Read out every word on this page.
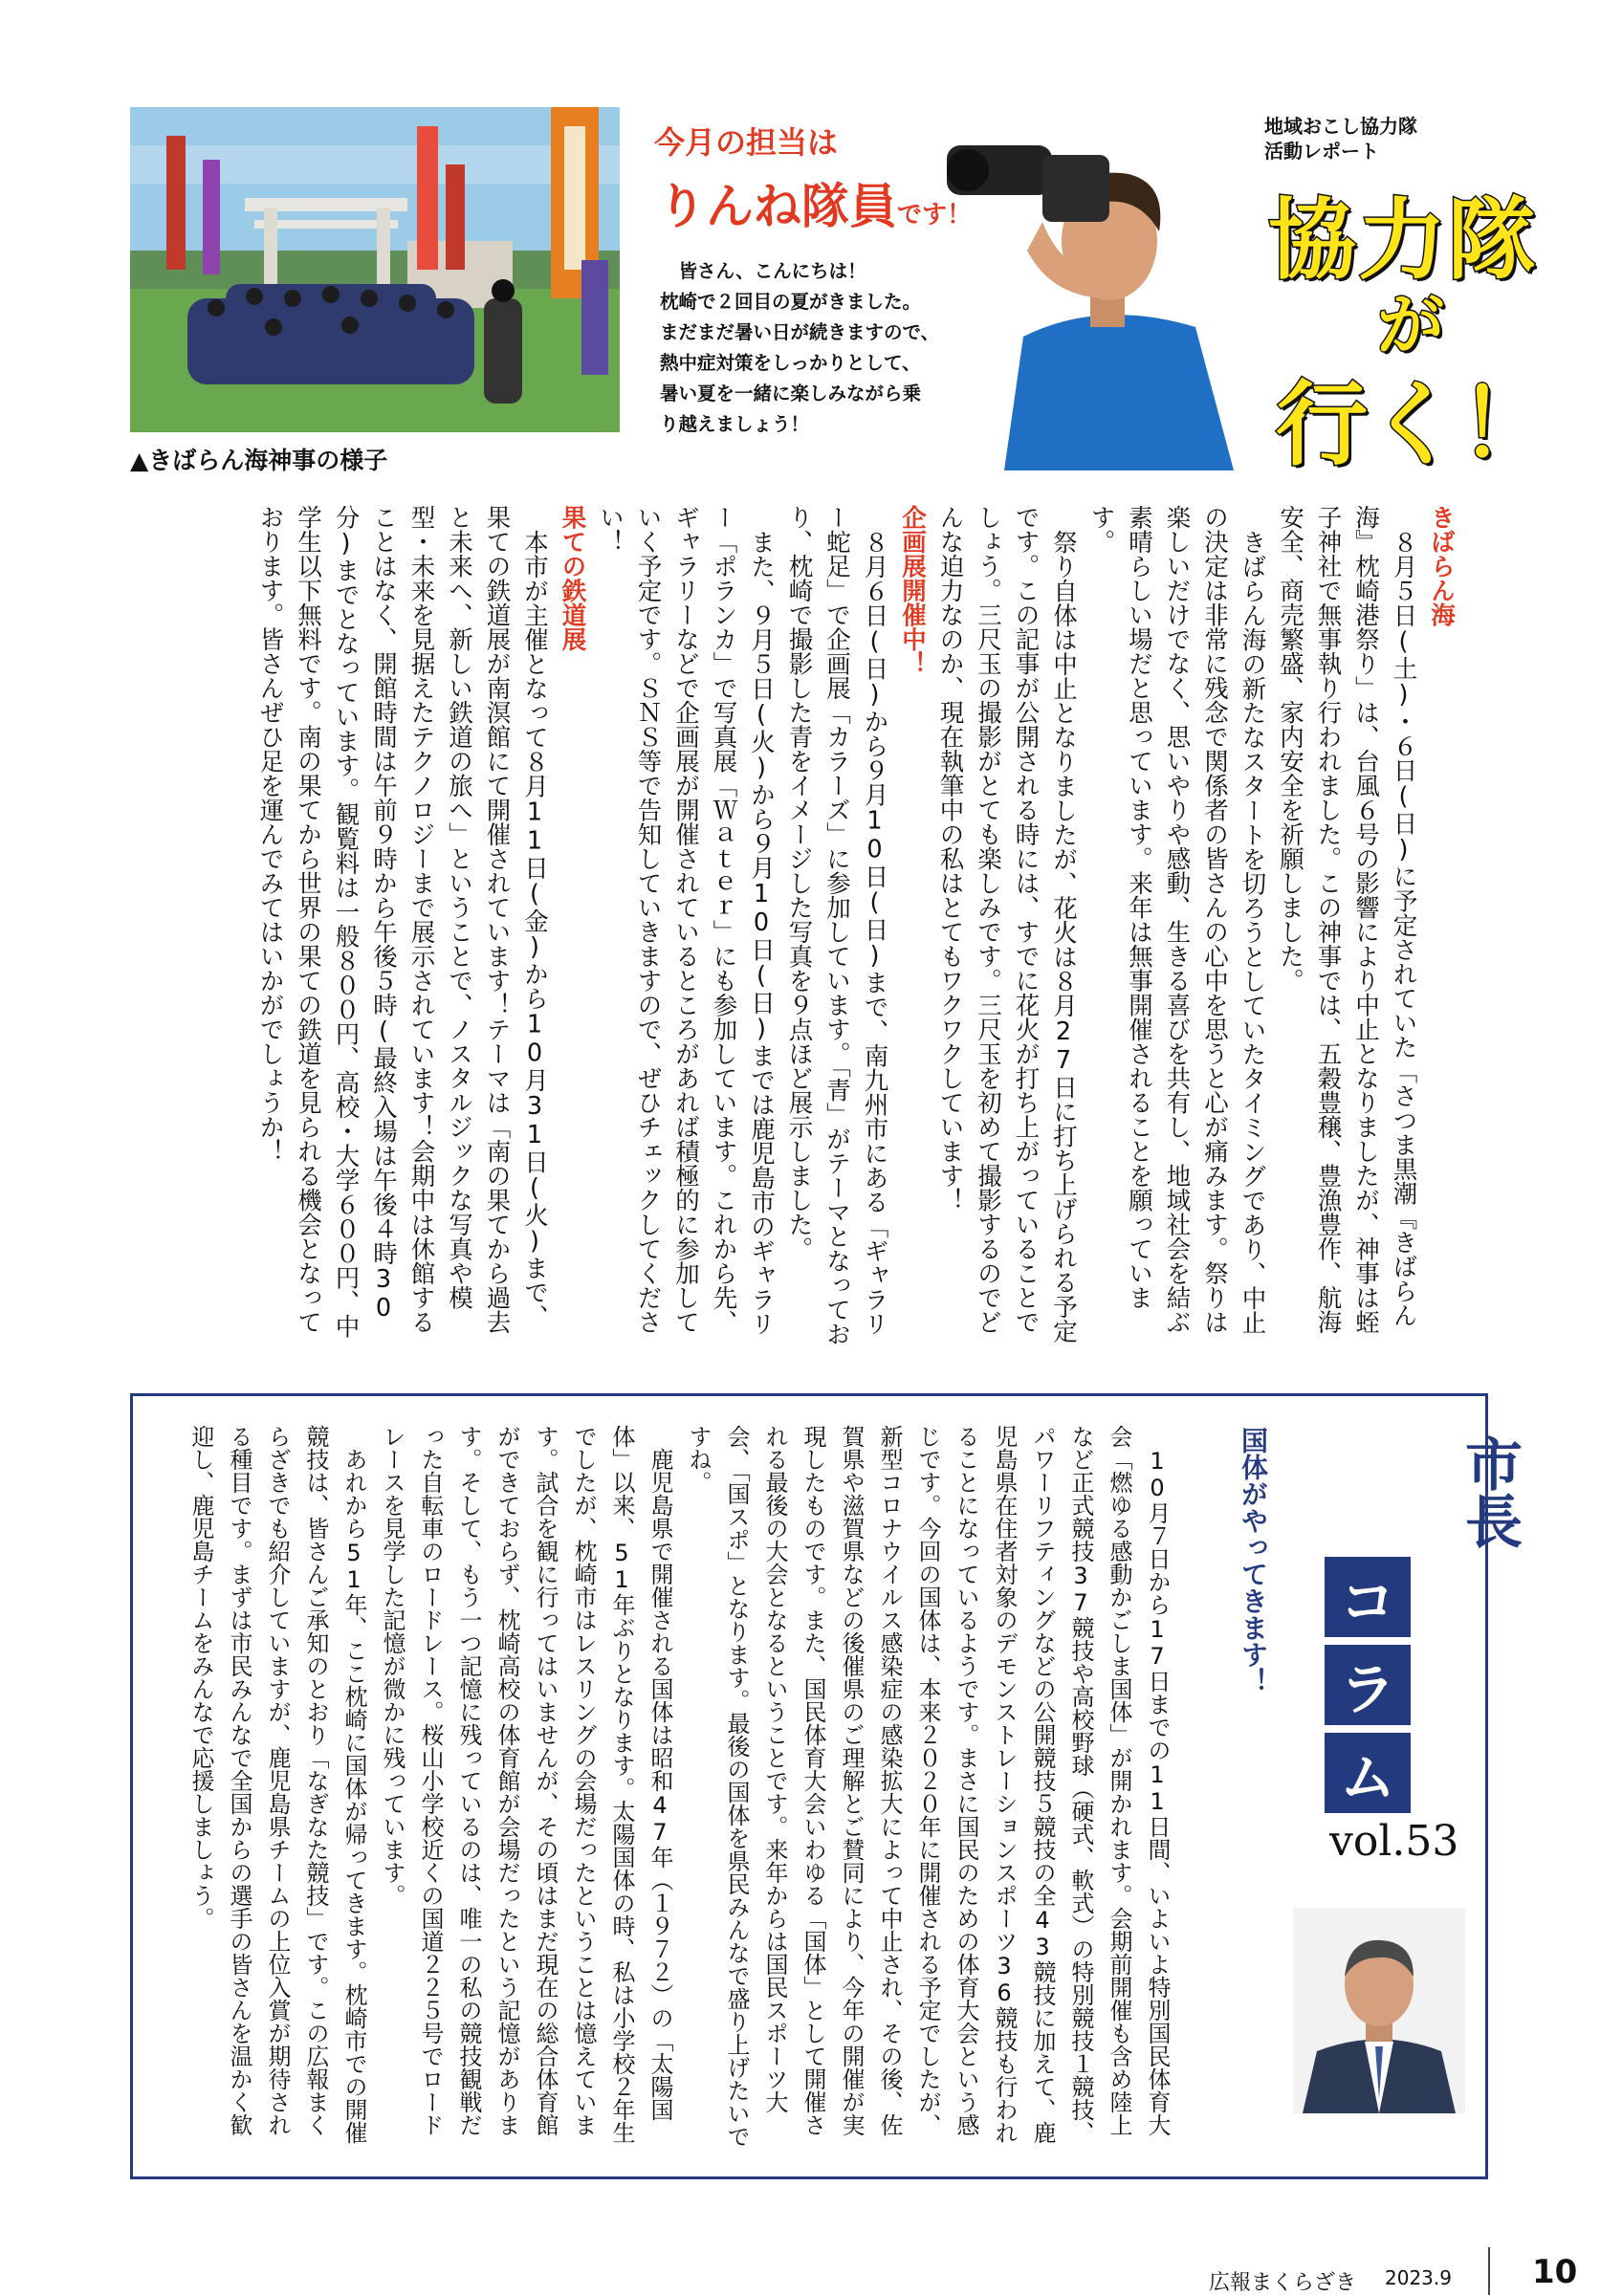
▲きばらん海神事の様子
今月の担当は
りんね隊員です！
皆さん、こんにちは！
枕崎で２回目の夏がきました。
まだまだ暑い日が続きますので、
熱中症対策をしっかりとして、
暑い夏を一緒に楽しみながら乗
り越えましょう！
地域おこし協力隊
活動レポート
協力隊
が
行く！

きばらん海

８月５日(土)・６日(日)に予定されていた「さつま黒潮『きばらん海』枕崎港祭り」は、台風６号の影響により中止となりましたが、神事は蛭子神社で無事執り行われました。この神事では、五穀豊穣、豊漁豊作、航海安全、商売繁盛、家内安全を祈願しました。

きばらん海の新たなスタートを切ろうとしていたタイミングであり、中止の決定は非常に残念で関係者の皆さんの心中を思うと心が痛みます。祭りは楽しいだけでなく、思いやりや感動、生きる喜びを共有し、地域社会を結ぶ素晴らしい場だと思っています。来年は無事開催されることを願っています。

祭り自体は中止となりましたが、花火は８月27日に打ち上げられる予定です。この記事が公開される時には、すでに花火が打ち上がっていることでしょう。三尺玉の撮影がとても楽しみです。三尺玉を初めて撮影するのでどんな迫力なのか、現在執筆中の私はとてもワクワクしています！

企画展開催中！

８月６日(日)から９月10日(日)まで、南九州市にある「ギャラリー蛇足」で企画展「カラーズ」に参加しています。「青」がテーマとなっており、枕崎で撮影した青をイメージした写真を９点ほど展示しました。

また、９月５日(火)から９月10日(日)までは鹿児島市のギャラリー「ポランカ」で写真展「Ｗａｔｅｒ」にも参加しています。これから先、ギャラリーなどで企画展が開催されているところがあれば積極的に参加していく予定です。ＳＮＳ等で告知していきますので、ぜひチェックしてください！

果ての鉄道展

本市が主催となって８月11日(金)から10月31日(火)まで、果ての鉄道展が南溟館にて開催されています！テーマは「南の果てから過去と未来へ、新しい鉄道の旅へ」ということで、ノスタルジックな写真や模型・未来を見据えたテクノロジーまで展示されています！会期中は休館することはなく、開館時間は午前９時から午後５時(最終入場は午後４時30分)までとなっています。観覧料は一般８００円、高校・大学６００円、中学生以下無料です。南の果てから世界の果ての鉄道を見られる機会となっております。皆さんぜひ足を運んでみてはいかがでしょうか！

市長
コ
ラ
ム
vol.53
国体がやってきます！

10月７日から17日までの11日間、いよいよ特別国民体育大会「燃ゆる感動かごしま国体」が開かれます。会期前開催も含め陸上など正式競技37競技や高校野球（硬式、軟式）の特別競技１競技、パワーリフティングなどの公開競技５競技の全43競技に加えて、鹿児島県在住者対象のデモンストレーションスポーツ36競技も行われることになっているようです。まさに国民のための体育大会という感じです。今回の国体は、本来２０２０年に開催される予定でしたが、新型コロナウイルス感染症の感染拡大によって中止され、その後、佐賀県や滋賀県などの後催県のご理解とご賛同により、今年の開催が実現したものです。また、国民体育大会いわゆる「国体」として開催される最後の大会となるということです。来年からは国民スポーツ大会、「国スポ」となります。最後の国体を県民みんなで盛り上げたいですね。

鹿児島県で開催される国体は昭和47年（１９７２）の「太陽国体」以来、51年ぶりとなります。太陽国体の時、私は小学校２年生でしたが、枕崎市はレスリングの会場だったということは憶えています。試合を観に行ってはいませんが、その頃はまだ現在の総合体育館ができておらず、枕崎高校の体育館が会場だったという記憶があります。そして、もう一つ記憶に残っているのは、唯一の私の競技観戦だった自転車のロードレース。桜山小学校近くの国道２２５号でロードレースを見学した記憶が微かに残っています。

あれから51年、ここ枕崎に国体が帰ってきます。枕崎市での開催競技は、皆さんご承知のとおり「なぎなた競技」です。この広報まくらざきでも紹介していますが、鹿児島県チームの上位入賞が期待される種目です。まずは市民みんなで全国からの選手の皆さんを温かく歓迎し、鹿児島チームをみんなで応援しましょう。

広報まくらざき 2023.9 10
